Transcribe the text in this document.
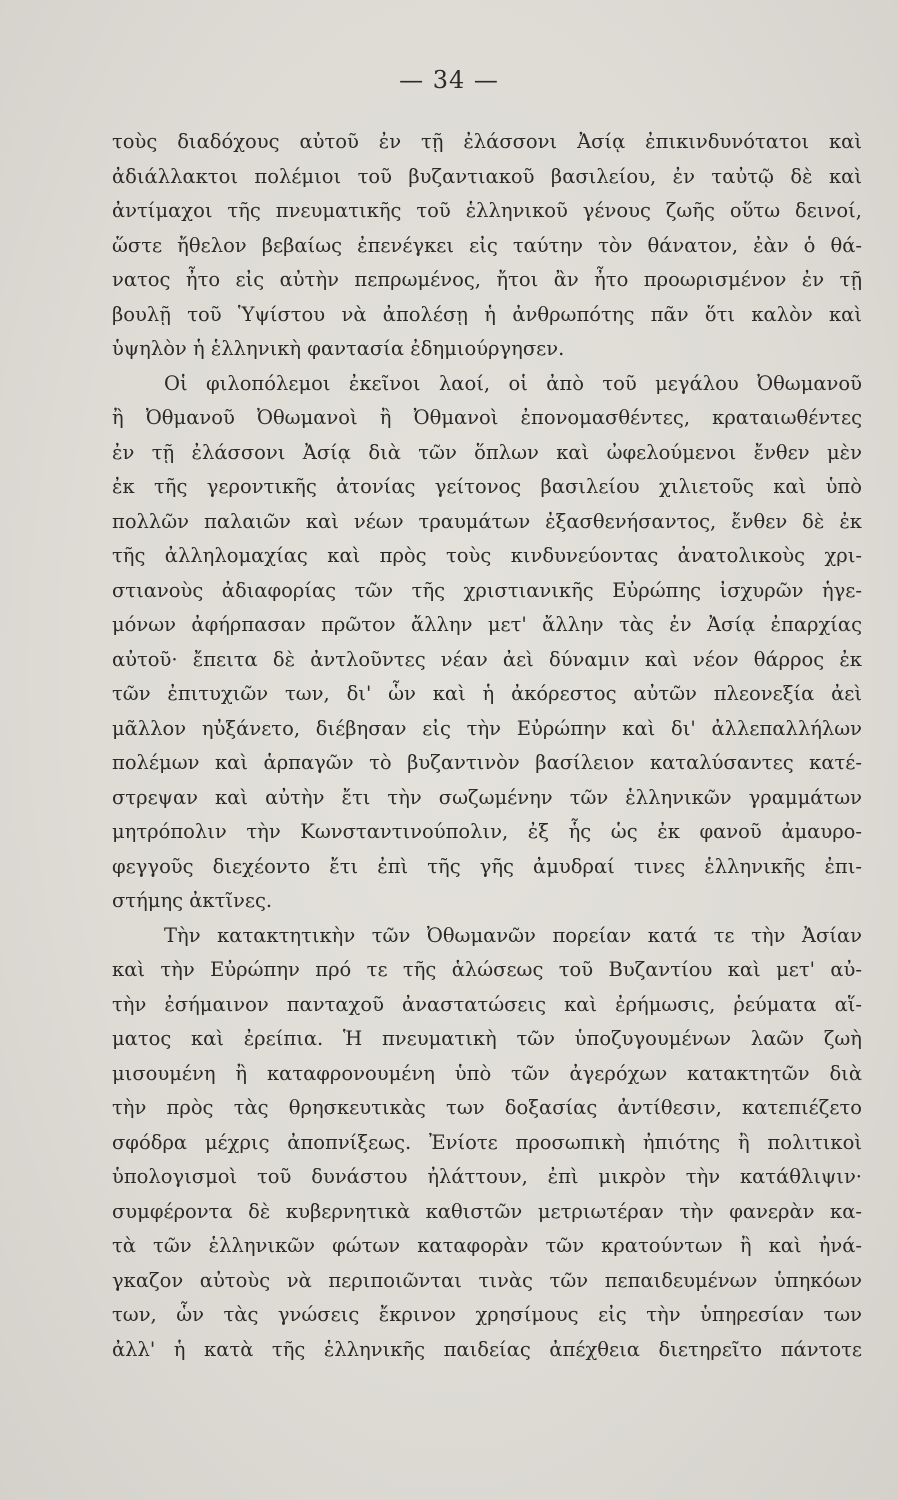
— 34 —
τοὺς διαδόχους αὐτοῦ ἐν τῇ ἐλάσσονι Ἀσίᾳ ἐπικινδυνότατοι καὶ
ἀδιάλλακτοι πολέμιοι τοῦ βυζαντιακοῦ βασιλείου, ἐν ταὐτῷ δὲ καὶ
ἀντίμαχοι τῆς πνευματικῆς τοῦ ἑλληνικοῦ γένους ζωῆς οὕτω δεινοί,
ὥστε ἤθελον βεβαίως ἐπενέγκει εἰς ταύτην τὸν θάνατον, ἐὰν ὁ θά-
νατος ἦτο εἰς αὐτὴν πεπρωμένος, ἤτοι ἂν ἦτο προωρισμένον ἐν τῇ
βουλῇ τοῦ Ὑψίστου νὰ ἀπολέσῃ ἡ ἀνθρωπότης πᾶν ὅτι καλὸν καὶ
ὑψηλὸν ἡ ἑλληνικὴ φαντασία ἐδημιούργησεν.
Οἱ φιλοπόλεμοι ἐκεῖνοι λαοί, οἱ ἀπὸ τοῦ μεγάλου Ὀθωμανοῦ
ἢ Ὀθμανοῦ Ὀθωμανοὶ ἢ Ὀθμανοὶ ἐπονομασθέντες, κραταιωθέντες
ἐν τῇ ἐλάσσονι Ἀσίᾳ διὰ τῶν ὅπλων καὶ ὠφελούμενοι ἔνθεν μὲν
ἐκ τῆς γεροντικῆς ἀτονίας γείτονος βασιλείου χιλιετοῦς καὶ ὑπὸ
πολλῶν παλαιῶν καὶ νέων τραυμάτων ἐξασθενήσαντος, ἔνθεν δὲ ἐκ
τῆς ἀλληλομαχίας καὶ πρὸς τοὺς κινδυνεύοντας ἀνατολικοὺς χρι-
στιανοὺς ἀδιαφορίας τῶν τῆς χριστιανικῆς Εὐρώπης ἰσχυρῶν ἡγε-
μόνων ἀφήρπασαν πρῶτον ἄλλην μετ' ἄλλην τὰς ἐν Ἀσίᾳ ἐπαρχίας
αὐτοῦ· ἔπειτα δὲ ἀντλοῦντες νέαν ἀεὶ δύναμιν καὶ νέον θάρρος ἐκ
τῶν ἐπιτυχιῶν των, δι' ὧν καὶ ἡ ἀκόρεστος αὐτῶν πλεονεξία ἀεὶ
μᾶλλον ηὐξάνετο, διέβησαν εἰς τὴν Εὐρώπην καὶ δι' ἀλλεπαλλήλων
πολέμων καὶ ἁρπαγῶν τὸ βυζαντινὸν βασίλειον καταλύσαντες κατέ-
στρεψαν καὶ αὐτὴν ἔτι τὴν σωζωμένην τῶν ἑλληνικῶν γραμμάτων
μητρόπολιν τὴν Κωνσταντινούπολιν, ἐξ ἧς ὡς ἐκ φανοῦ ἀμαυρο-
φεγγοῦς διεχέοντο ἔτι ἐπὶ τῆς γῆς ἀμυδραί τινες ἑλληνικῆς ἐπι-
στήμης ἀκτῖνες.
Τὴν κατακτητικὴν τῶν Ὀθωμανῶν πορείαν κατά τε τὴν Ἀσίαν
καὶ τὴν Εὐρώπην πρό τε τῆς ἁλώσεως τοῦ Βυζαντίου καὶ μετ' αὐ-
τὴν ἐσήμαινον πανταχοῦ ἀναστατώσεις καὶ ἐρήμωσις, ῥεύματα αἵ-
ματος καὶ ἐρείπια. Ἡ πνευματικὴ τῶν ὑποζυγουμένων λαῶν ζωὴ
μισουμένη ἢ καταφρονουμένη ὑπὸ τῶν ἀγερόχων κατακτητῶν διὰ
τὴν πρὸς τὰς θρησκευτικὰς των δοξασίας ἀντίθεσιν, κατεπιέζετο
σφόδρα μέχρις ἀποπνίξεως. Ἐνίοτε προσωπικὴ ἠπιότης ἢ πολιτικοὶ
ὑπολογισμοὶ τοῦ δυνάστου ἠλάττουν, ἐπὶ μικρὸν τὴν κατάθλιψιν·
συμφέροντα δὲ κυβερνητικὰ καθιστῶν μετριωτέραν τὴν φανερὰν κα-
τὰ τῶν ἑλληνικῶν φώτων καταφορὰν τῶν κρατούντων ἢ καὶ ἠνά-
γκαζον αὐτοὺς νὰ περιποιῶνται τινὰς τῶν πεπαιδευμένων ὑπηκόων
των, ὧν τὰς γνώσεις ἔκρινον χρησίμους εἰς τὴν ὑπηρεσίαν των
ἀλλ' ἡ κατὰ τῆς ἑλληνικῆς παιδείας ἀπέχθεια διετηρεῖτο πάντοτε
